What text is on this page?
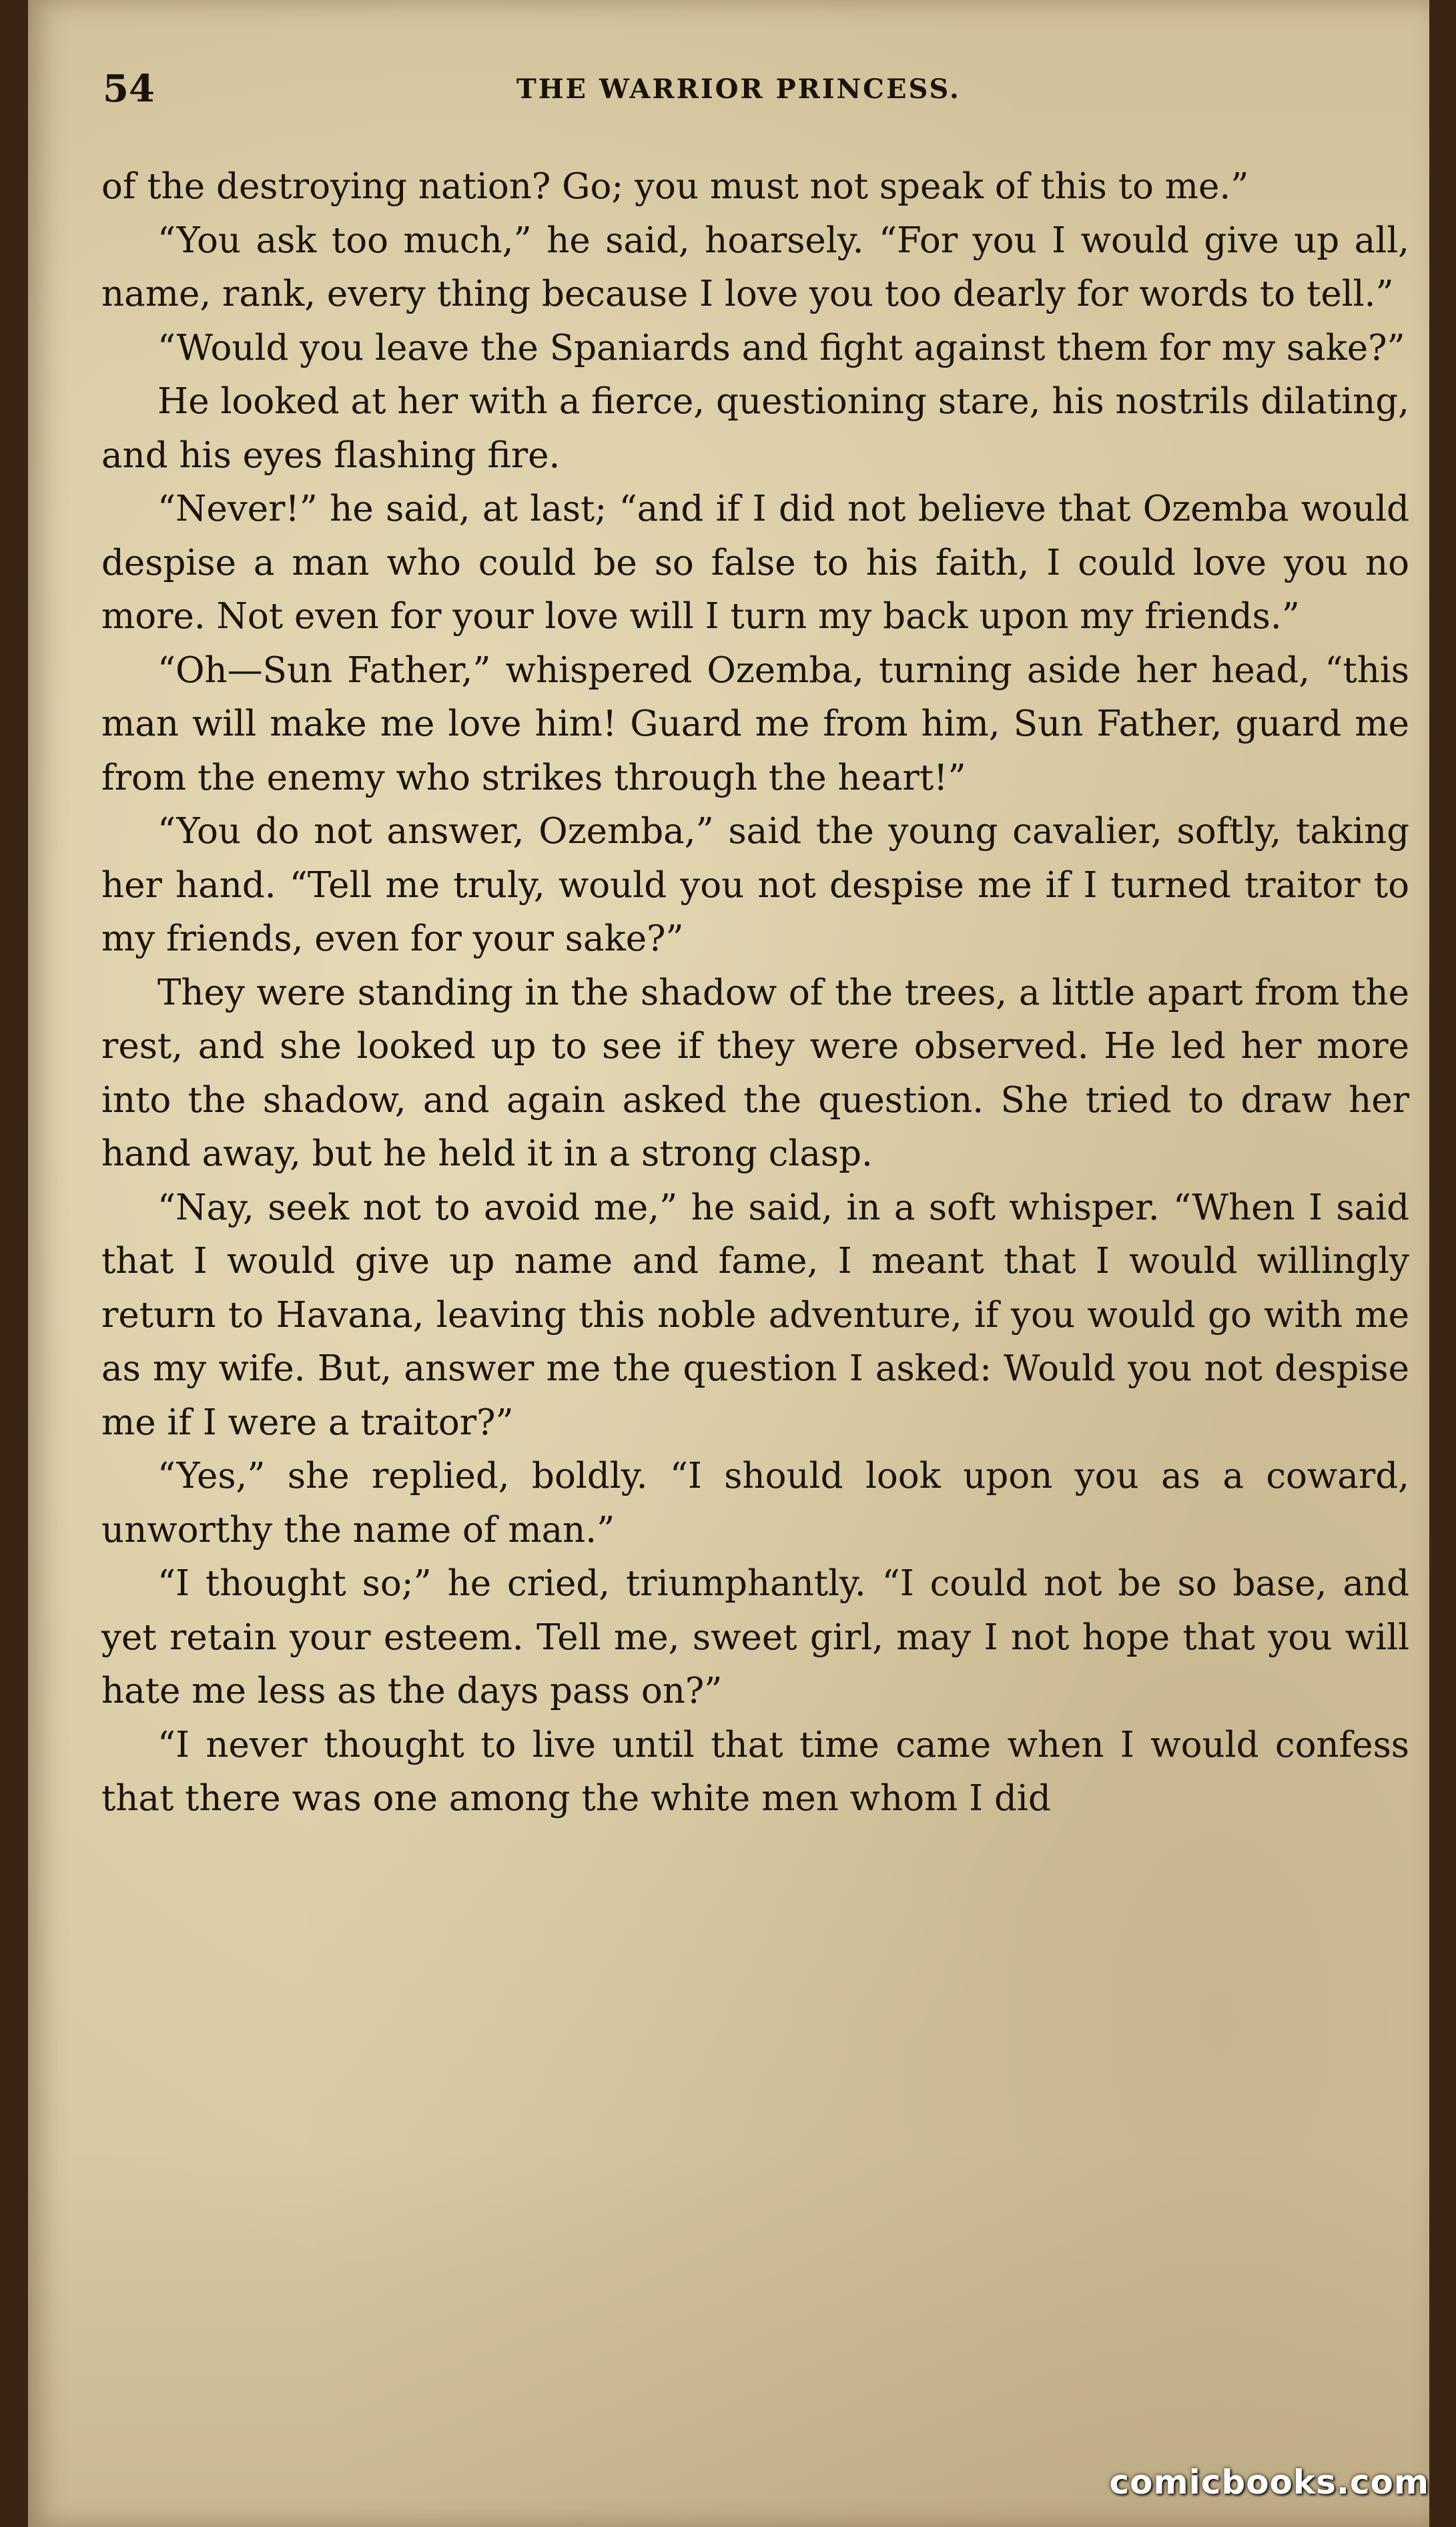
54	THE WARRIOR PRINCESS.

of the destroying nation? Go; you must not speak of this to me.”

“You ask too much,” he said, hoarsely. “For you I would give up all, name, rank, every thing because I love you too dearly for words to tell.”

“Would you leave the Spaniards and fight against them for my sake?”

He looked at her with a fierce, questioning stare, his nostrils dilating, and his eyes flashing fire.

“Never!” he said, at last; “and if I did not believe that Ozemba would despise a man who could be so false to his faith, I could love you no more. Not even for your love will I turn my back upon my friends.”

“Oh—Sun Father,” whispered Ozemba, turning aside her head, “this man will make me love him! Guard me from him, Sun Father, guard me from the enemy who strikes through the heart!”

“You do not answer, Ozemba,” said the young cavalier, softly, taking her hand. “Tell me truly, would you not despise me if I turned traitor to my friends, even for your sake?”

They were standing in the shadow of the trees, a little apart from the rest, and she looked up to see if they were observed. He led her more into the shadow, and again asked the question. She tried to draw her hand away, but he held it in a strong clasp.

“Nay, seek not to avoid me,” he said, in a soft whisper. “When I said that I would give up name and fame, I meant that I would willingly return to Havana, leaving this noble adventure, if you would go with me as my wife. But, answer me the question I asked: Would you not despise me if I were a traitor?”

“Yes,” she replied, boldly. “I should look upon you as a coward, unworthy the name of man.”

“I thought so;” he cried, triumphantly. “I could not be so base, and yet retain your esteem. Tell me, sweet girl, may I not hope that you will hate me less as the days pass on?”

“I never thought to live until that time came when I would confess that there was one among the white men whom I did

comicbooks.com
